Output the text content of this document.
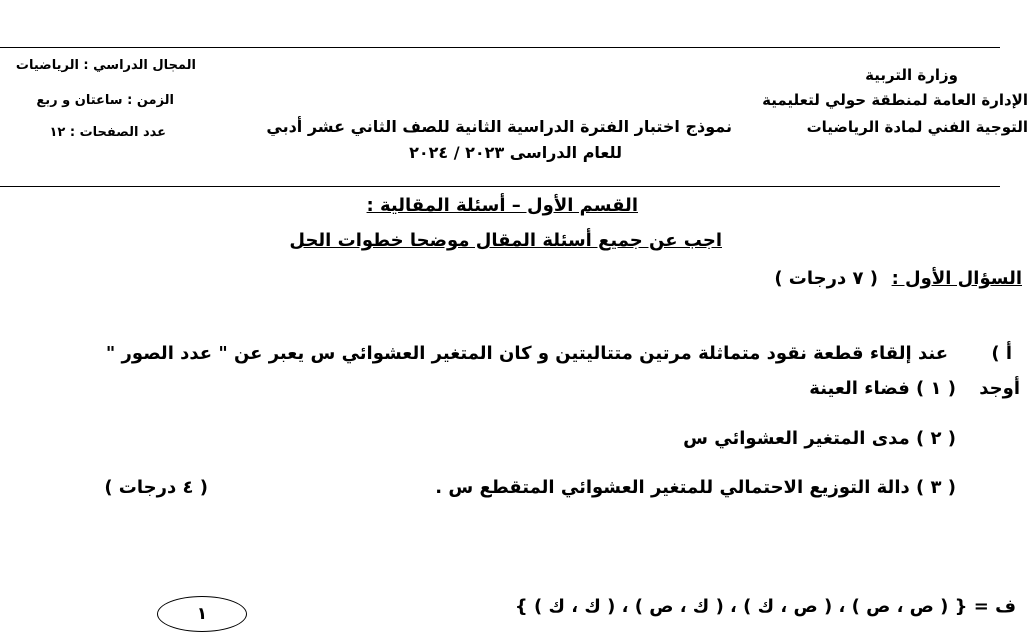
وزارة التربية
الإدارة العامة لمنطقة حولي لتعليمية
التوجية الفني لمادة الرياضيات
نموذج اختبار الفترة الدراسية الثانية للصف الثاني عشر أدبي
للعام الدراسى ٢٠٢٣ / ٢٠٢٤
المجال الدراسي : الرياضيات
الزمن : ساعتان و ربع
عدد الصفحات : ١٢
القسم الأول – أسئلة المقالية :
اجب عن جميع أسئلة المقال موضحا خطوات الحل
السؤال الأول :
( ٧ درجات )
أ )
عند إلقاء قطعة نقود متماثلة مرتين متتاليتين و كان المتغير العشوائي س يعبر عن " عدد الصور "
أوجد
( ١ ) فضاء العينة
( ٢ ) مدى المتغير العشوائي س
( ٣ ) دالة التوزيع الاحتمالي للمتغير العشوائي المتقطع س .
( ٤ درجات )
ف = { ( ص ، ص ) ، ( ص ، ك ) ، ( ك ، ص ) ، ( ك ، ك ) }
١
